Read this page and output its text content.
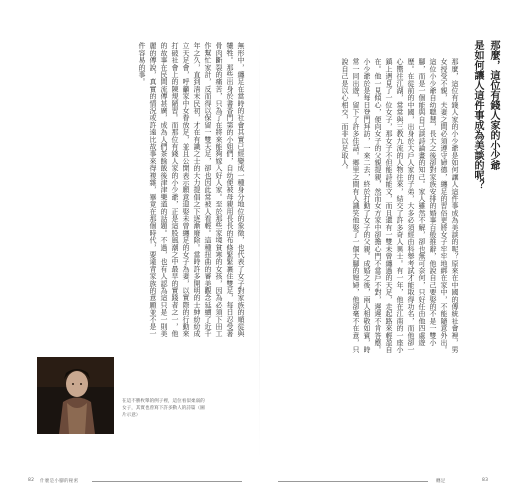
無形中，纏足在當時的社會其實已經變成一種身分地位的象徵，也代表了女子對家族的順從與犧牲。那些出身於書香門第的小姐們，自幼便被母親用長長的布條緊緊裹住雙足，每日忍受著骨肉斷裂的痛苦，只為了在將來能夠嫁入好人家。至於那些家境貧寒的女孩，因為必須下田工作幫忙家計，反而得以保留一雙天足，卻也因此常被人看輕。這種扭曲的審美觀念延續了近千年之久，直到清末民初，才在有識之士的大力提倡之下逐漸廢除。當時許多開明的士紳紛紛成立天足會，呼籲家中女眷放足，並且公開表示願意迎娶未曾纏足的女子為妻，以實際的行動來打破社會上的陳規陋習。而那位有錢人家的小少爺，正是這股風潮之中最早的實踐者之一，他的故事在民間流傳甚廣，成為人們茶餘飯後津津樂道的話題。不過，也有人認為這只是一則美麗的傳說，真實的情況或許遠比故事來得複雜，畢竟在那個時代，要違背家族的意願並不是一件容易的事。
在這不勝枚舉的例子裡，這位看似柔弱的女子，其實也曾寫下許多動人的詩篇（圖片示意）
82 什麼是小腳的秘密
那麼，這位有錢人家的小少爺
是如何讓人這件事成為美談的呢？
那麼，這位有錢人家的小少爺是如何讓人這件事成為美談的呢？原來在中國的傳統社會裡，男女授受不親，夫妻之間必須遵守婦德，纏足的習俗更將女子牢牢地綁在家中，不能隨意外出。這位小少爺自幼聰慧，長大之後卻對家族安排的婚事百般推辭，他說自己要娶的不是一雙小腳，而是一個能與自己談詩論畫的知己。家人雖然不解，卻也無可奈何，只好任由他四處遊歷。在從前的中國，出身於大戶人家的子弟，大多必須經由科舉考試才能取得功名，而他卻一心嚮往江湖，常常與三教九流的人物往來，結交了許多奇人異士。有一年，他在江南的一座小鎮上遇見了一位女子，那女子不但能詩能文，而且還有一雙未曾纏過的天足，走起路來輕盈自在。他一見傾心，便向女子的父親提親，然而女方家中卻擔心門不當戶不對，遲遲不肯答應。小少爺於是每日登門拜訪，一來二去，終於打動了女子的父親。成婚之後，兩人相敬如賓，時常一同出遊，留下了許多佳話。鄉里之間有人譏笑他娶了一個大腳的媳婦，他卻毫不在意，只說自己是以心相交，而非以足取人。
纏足	83
